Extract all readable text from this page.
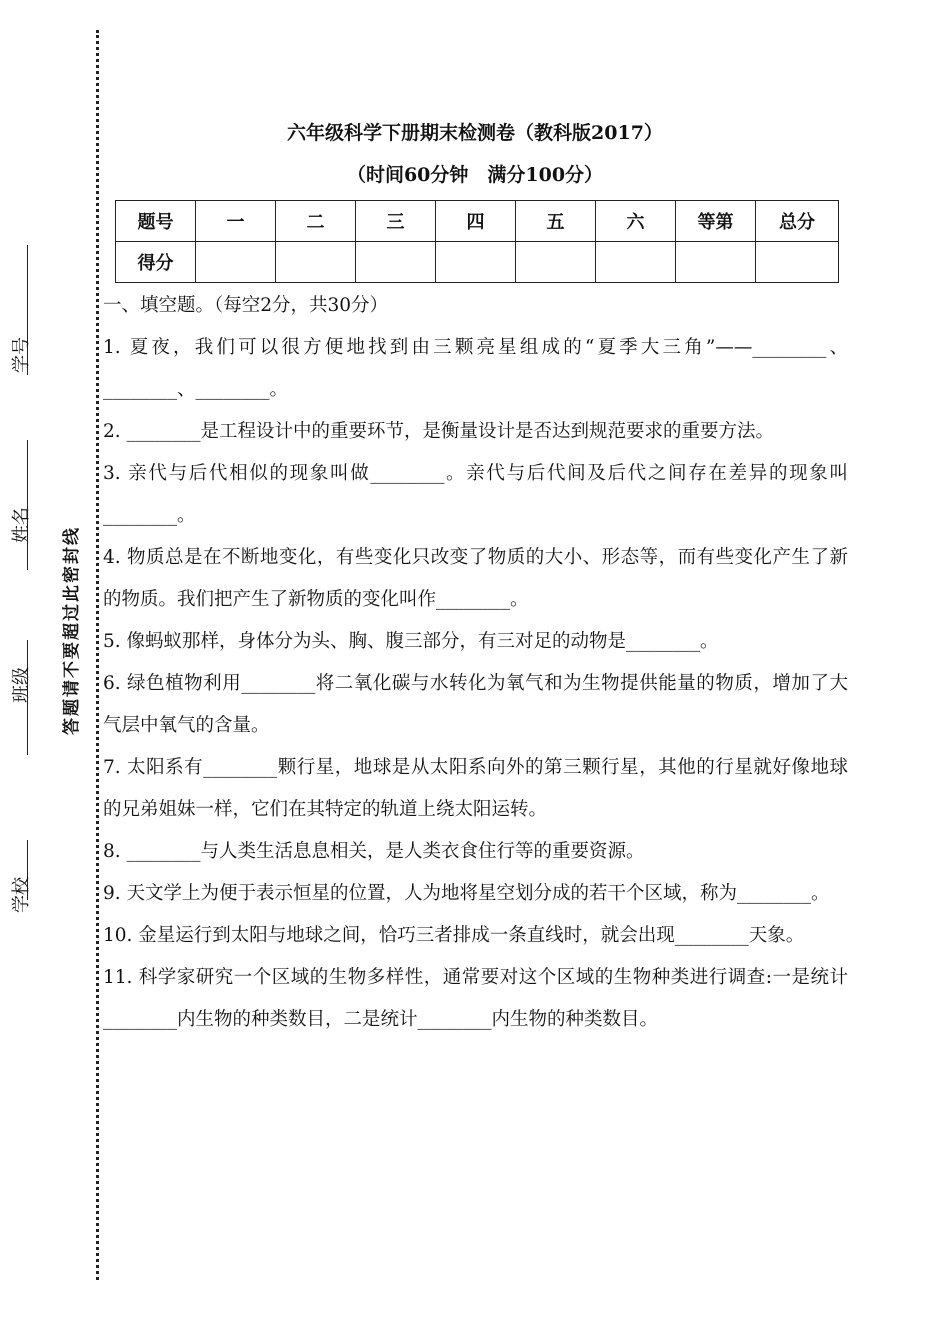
答题请不要超过此密封线
学号
姓名
班级
学校
六年级科学下册期末检测卷（教科版2017）
（时间60分钟　满分100分）
题号	一	二	三	四	五	六	等第	总分
得分								

一、填空题。（每空2分，共30分）

1. 夏夜，我们可以很方便地找到由三颗亮星组成的“夏季大三角”——________、________、________。

2. ________是工程设计中的重要环节，是衡量设计是否达到规范要求的重要方法。

3. 亲代与后代相似的现象叫做________。亲代与后代间及后代之间存在差异的现象叫________。

4. 物质总是在不断地变化，有些变化只改变了物质的大小、形态等，而有些变化产生了新的物质。我们把产生了新物质的变化叫作________。

5. 像蚂蚁那样，身体分为头、胸、腹三部分，有三对足的动物是________。

6. 绿色植物利用________将二氧化碳与水转化为氧气和为生物提供能量的物质，增加了大气层中氧气的含量。

7. 太阳系有________颗行星，地球是从太阳系向外的第三颗行星，其他的行星就好像地球的兄弟姐妹一样，它们在其特定的轨道上绕太阳运转。

8. ________与人类生活息息相关，是人类衣食住行等的重要资源。

9. 天文学上为便于表示恒星的位置，人为地将星空划分成的若干个区域，称为________。

10. 金星运行到太阳与地球之间，恰巧三者排成一条直线时，就会出现________天象。

11. 科学家研究一个区域的生物多样性，通常要对这个区域的生物种类进行调查:一是统计________内生物的种类数目，二是统计________内生物的种类数目。
